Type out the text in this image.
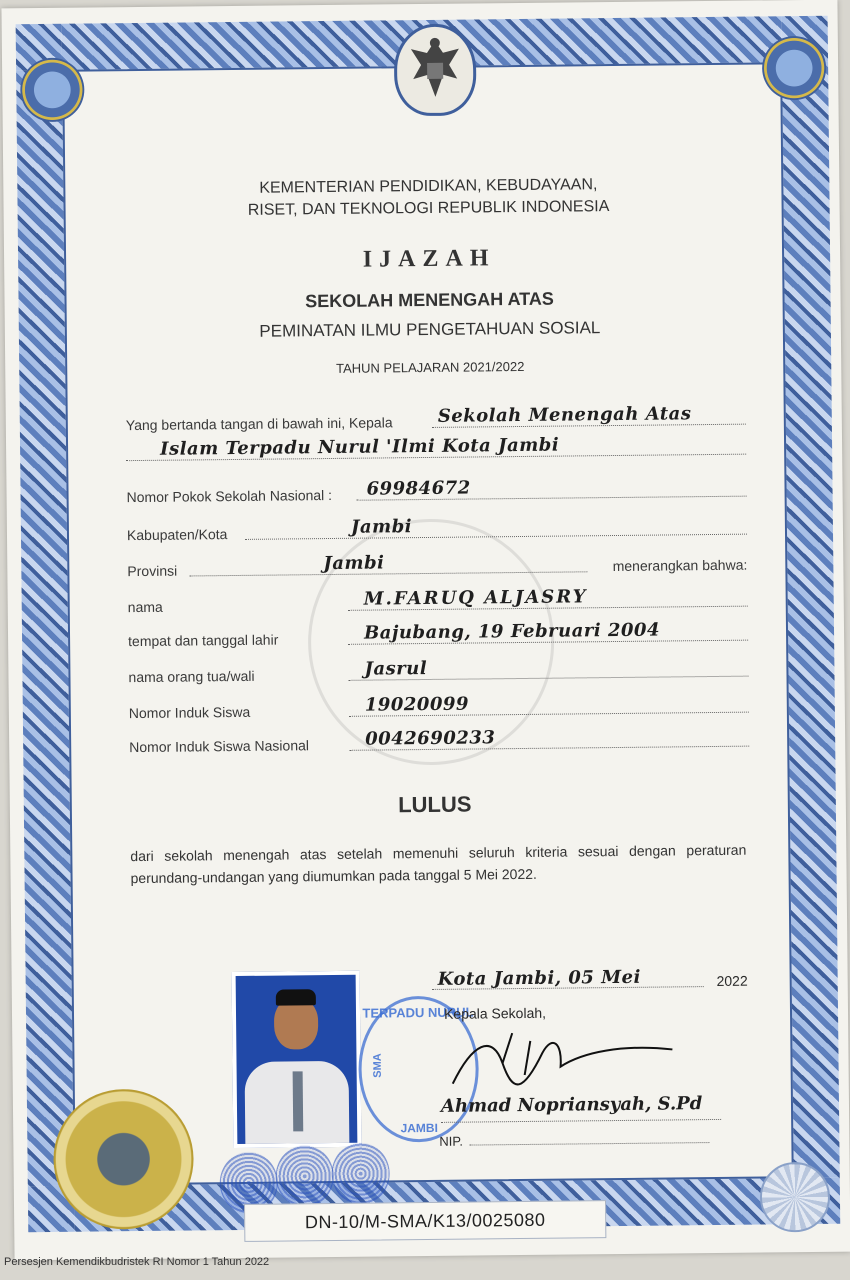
KEMENTERIAN PENDIDIKAN, KEBUDAYAAN,
RISET, DAN TEKNOLOGI REPUBLIK INDONESIA
IJAZAH
SEKOLAH MENENGAH ATAS
PEMINATAN ILMU PENGETAHUAN SOSIAL
TAHUN PELAJARAN 2021/2022
Yang bertanda tangan di bawah ini, Kepala	Sekolah Menengah Atas
Islam Terpadu Nurul 'Ilmi Kota Jambi
Nomor Pokok Sekolah Nasional : 69984672
Kabupaten/Kota	Jambi
Provinsi	Jambi	menerangkan bahwa:
nama	M.FARUQ ALJASRY
tempat dan tanggal lahir	Bajubang, 19 Februari 2004
nama orang tua/wali	Jasrul
Nomor Induk Siswa	19020099
Nomor Induk Siswa Nasional	0042690233
LULUS
dari sekolah menengah atas setelah memenuhi seluruh kriteria sesuai dengan peraturan perundang-undangan yang diumumkan pada tanggal 5 Mei 2022.
TERPADU NURUL
SMA
JAMBI
Kota Jambi, 05 Mei	2022
Kepala Sekolah,
Ahmad Nopriansyah, S.Pd
NIP.
DN-10/M-SMA/K13/0025080
Persesjen Kemendikbudristek RI Nomor 1 Tahun 2022
